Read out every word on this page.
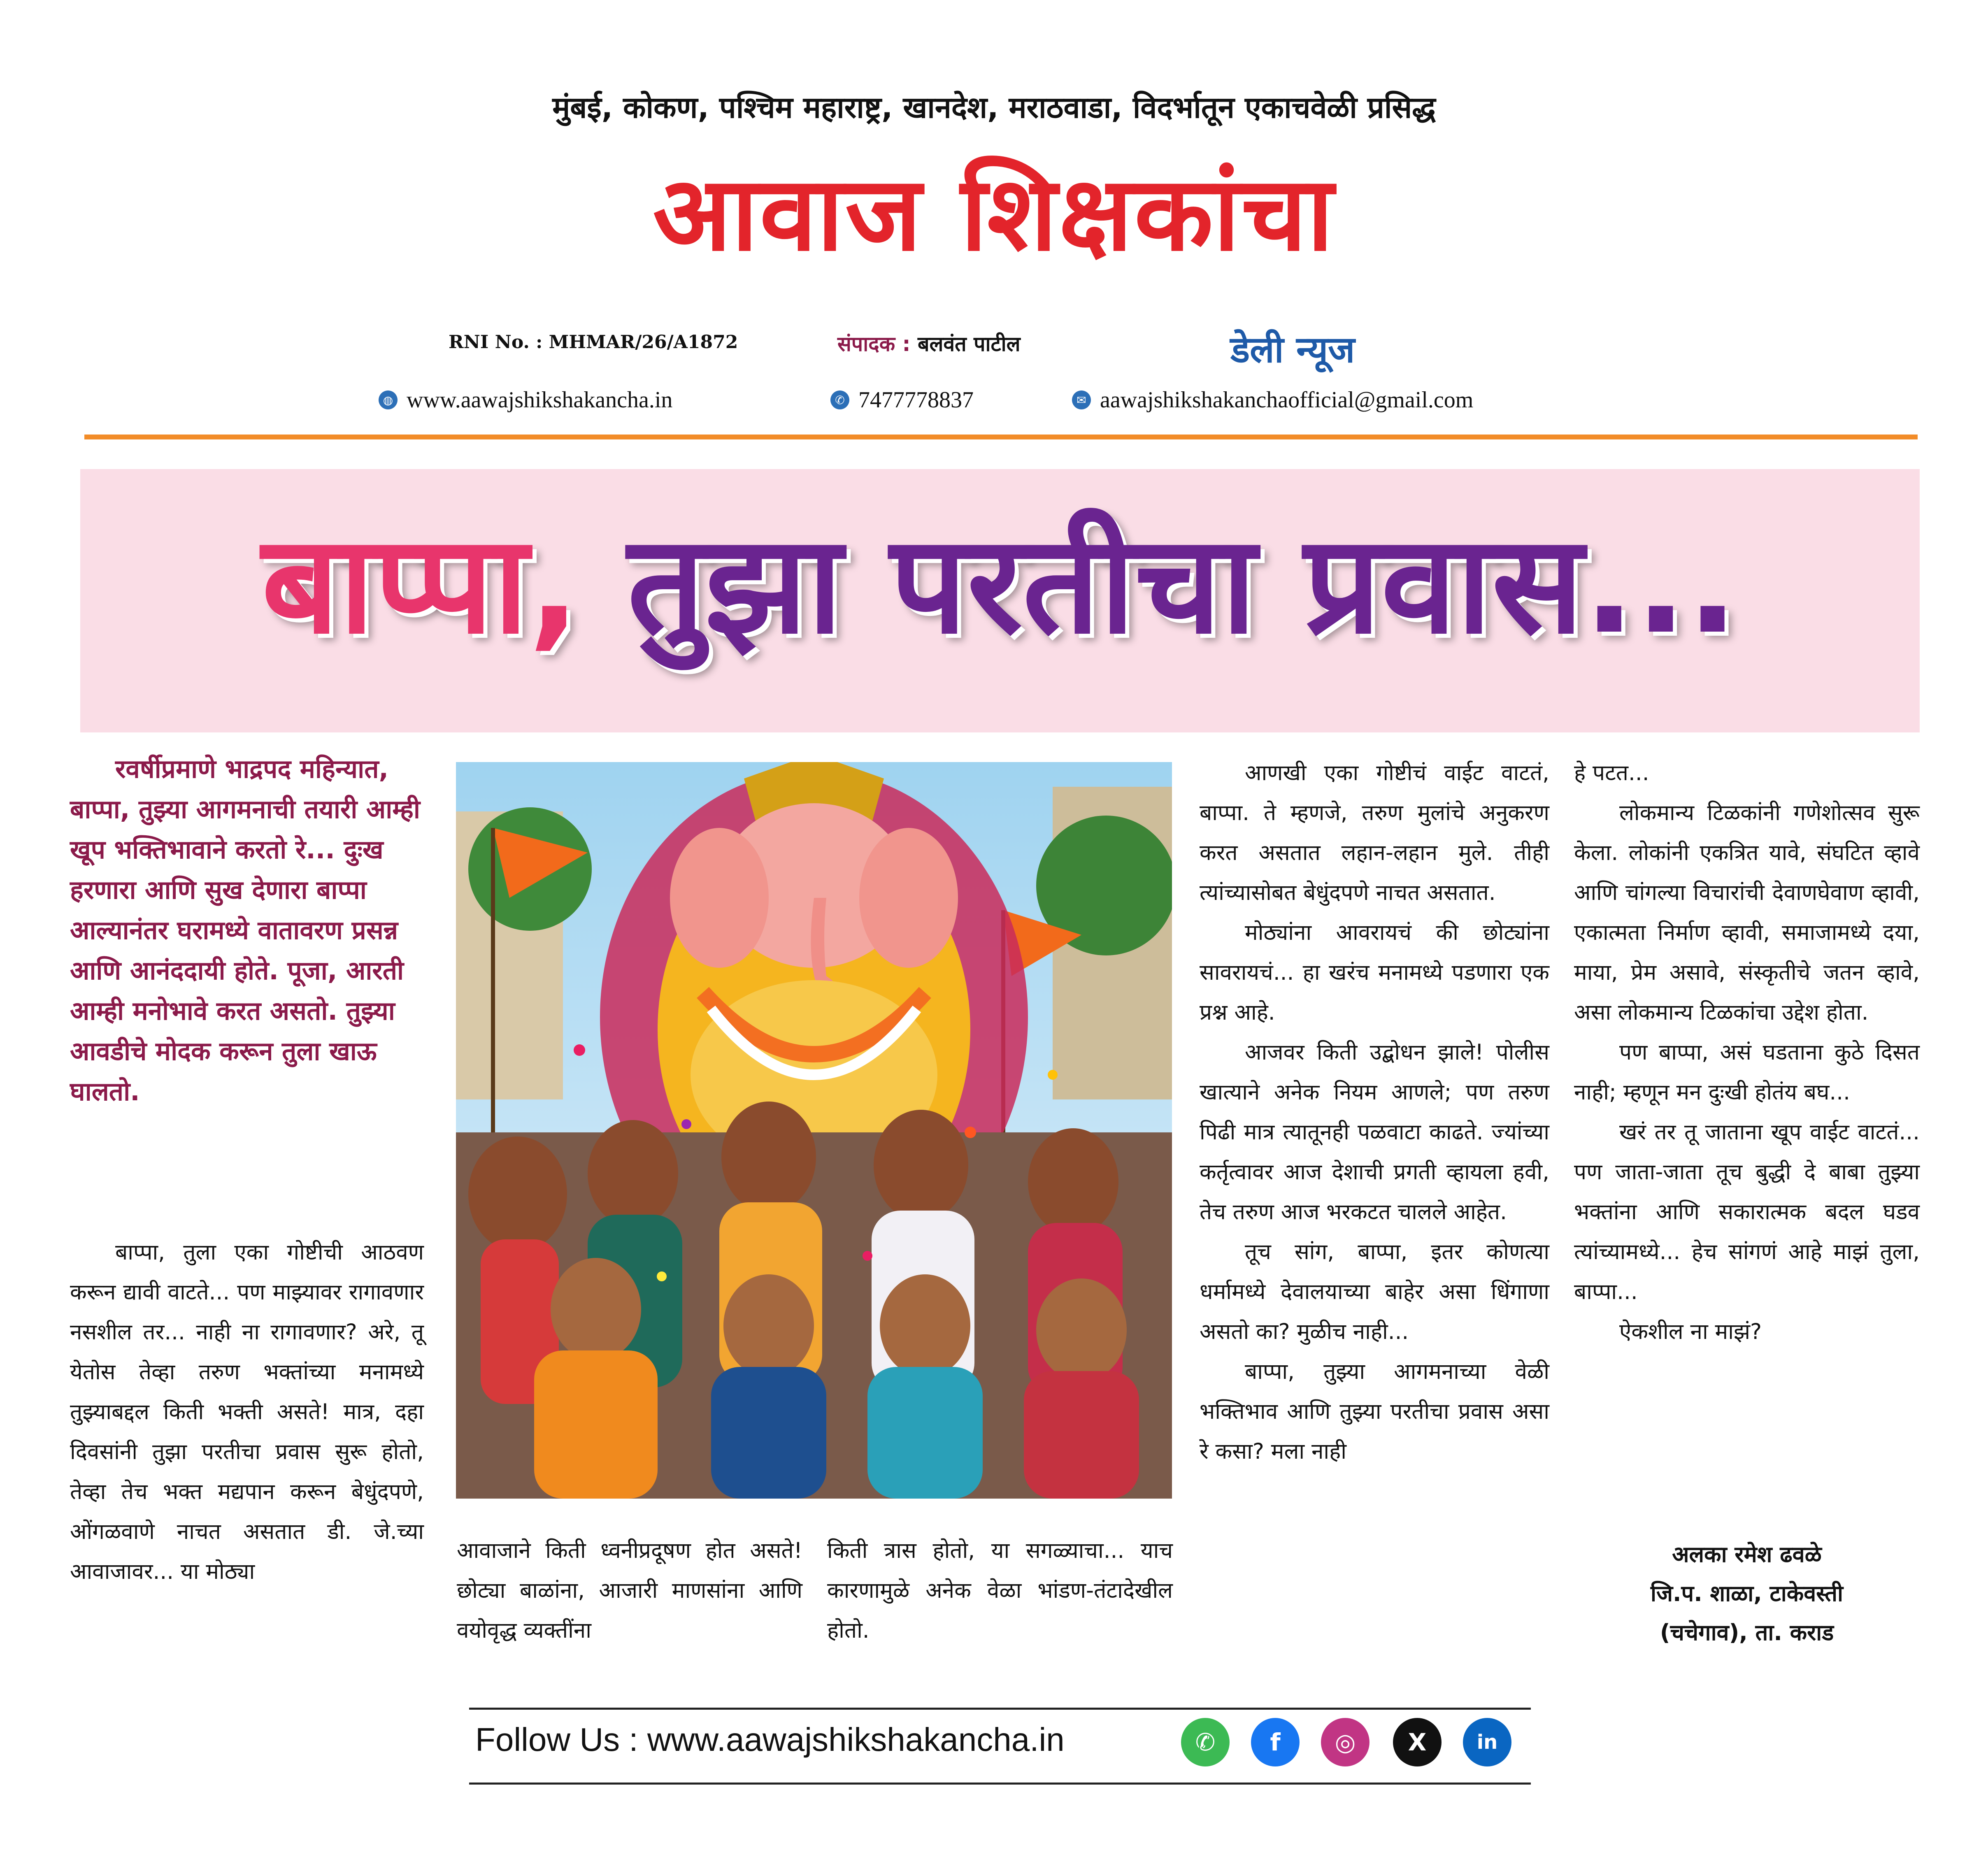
मुंबई, कोकण, पश्चिम महाराष्ट्र, खानदेश, मराठवाडा, विदर्भातून एकाचवेळी प्रसिद्ध
आवाज शिक्षकांचा
RNI No. : MHMAR/26/A1872	संपादक : बलवंत पाटील	डेली न्यूज
◍ www.aawajshikshakancha.in	✆ 7477778837	✉ aawajshikshakanchaofficial@gmail.com
बाप्पा, तुझा परतीचा प्रवास...

रवर्षीप्रमाणे भाद्रपद महिन्यात, बाप्पा, तुझ्या आगमनाची तयारी आम्ही खूप भक्तिभावाने करतो रे... दुःख हरणारा आणि सुख देणारा बाप्पा आल्यानंतर घरामध्ये वातावरण प्रसन्न आणि आनंददायी होते. पूजा, आरती आम्ही मनोभावे करत असतो. तुझ्या आवडीचे मोदक करून तुला खाऊ घालतो.

बाप्पा, तुला एका गोष्टीची आठवण करून द्यावी वाटते... पण माझ्यावर रागावणार नसशील तर... नाही ना रागावणार? अरे, तू येतोस तेव्हा तरुण भक्तांच्या मनामध्ये तुझ्याबद्दल किती भक्ती असते! मात्र, दहा दिवसांनी तुझा परतीचा प्रवास सुरू होतो, तेव्हा तेच भक्त मद्यपान करून बेधुंदपणे, ओंगळवाणे नाचत असतात डी. जे.च्या आवाजावर... या मोठ्या

आवाजाने किती ध्वनीप्रदूषण होत असते! छोट्या बाळांना, आजारी माणसांना आणि वयोवृद्ध व्यक्तींना

किती त्रास होतो, या सगळ्याचा... याच कारणामुळे अनेक वेळा भांडण-तंटादेखील होतो.

आणखी एका गोष्टीचं वाईट वाटतं, बाप्पा. ते म्हणजे, तरुण मुलांचे अनुकरण करत असतात लहान-लहान मुले. तीही त्यांच्यासोबत बेधुंदपणे नाचत असतात.

मोठ्यांना आवरायचं की छोट्यांना सावरायचं... हा खरंच मनामध्ये पडणारा एक प्रश्न आहे.

आजवर किती उद्बोधन झाले! पोलीस खात्याने अनेक नियम आणले; पण तरुण पिढी मात्र त्यातूनही पळवाटा काढते. ज्यांच्या कर्तृत्वावर आज देशाची प्रगती व्हायला हवी, तेच तरुण आज भरकटत चालले आहेत.

तूच सांग, बाप्पा, इतर कोणत्या धर्मामध्ये देवालयाच्या बाहेर असा धिंगाणा असतो का? मुळीच नाही...

बाप्पा, तुझ्या आगमनाच्या वेळी भक्तिभाव आणि तुझ्या परतीचा प्रवास असा रे कसा? मला नाही

हे पटत...

लोकमान्य टिळकांनी गणेशोत्सव सुरू केला. लोकांनी एकत्रित यावे, संघटित व्हावे आणि चांगल्या विचारांची देवाणघेवाण व्हावी, एकात्मता निर्माण व्हावी, समाजामध्ये दया, माया, प्रेम असावे, संस्कृतीचे जतन व्हावे, असा लोकमान्य टिळकांचा उद्देश होता.

पण बाप्पा, असं घडताना कुठे दिसत नाही; म्हणून मन दुःखी होतंय बघ...

खरं तर तू जाताना खूप वाईट वाटतं... पण जाता-जाता तूच बुद्धी दे बाबा तुझ्या भक्तांना आणि सकारात्मक बदल घडव त्यांच्यामध्ये... हेच सांगणं आहे माझं तुला, बाप्पा...

ऐकशील ना माझं?

अलका रमेश ढवळे
जि.प. शाळा, टाकेवस्ती
(चचेगाव), ता. कराड
Follow Us : www.aawajshikshakancha.in	✆	f	◎	X	in
